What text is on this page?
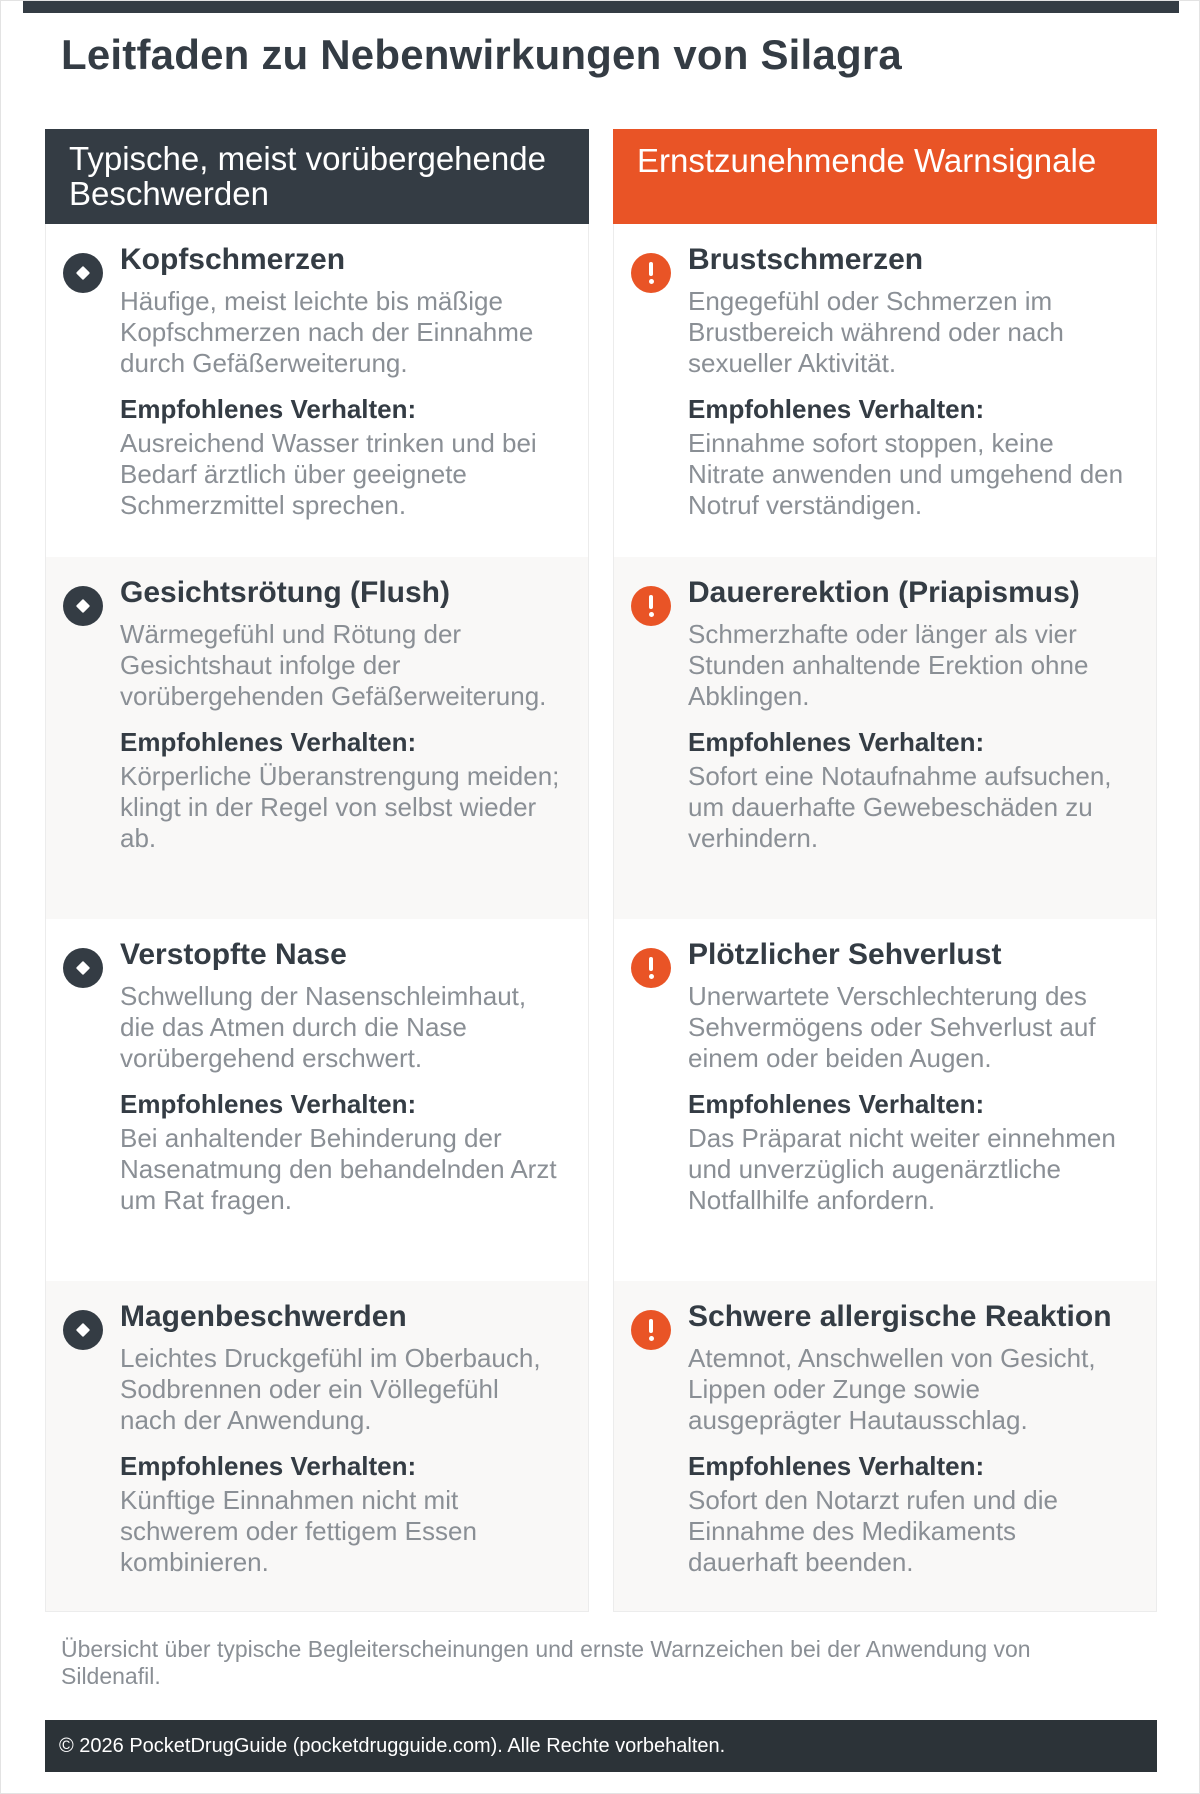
Leitfaden zu Nebenwirkungen von Silagra
Typische, meist vorübergehende Beschwerden
Kopfschmerzen

Häufige, meist leichte bis mäßige Kopfschmerzen nach der Einnahme durch Gefäßerweiterung.

Empfohlenes Verhalten:

Ausreichend Wasser trinken und bei Bedarf ärztlich über geeignete Schmerzmittel sprechen.

Gesichtsrötung (Flush)

Wärmegefühl und Rötung der Gesichtshaut infolge der vorübergehenden Gefäßerweiterung.

Empfohlenes Verhalten:

Körperliche Überanstrengung meiden; klingt in der Regel von selbst wieder ab.

Verstopfte Nase

Schwellung der Nasenschleimhaut, die das Atmen durch die Nase vorübergehend erschwert.

Empfohlenes Verhalten:

Bei anhaltender Behinderung der Nasenatmung den behandelnden Arzt um Rat fragen.

Magenbeschwerden

Leichtes Druckgefühl im Oberbauch, Sodbrennen oder ein Völlegefühl nach der Anwendung.

Empfohlenes Verhalten:

Künftige Einnahmen nicht mit schwerem oder fettigem Essen kombinieren.

Ernstzunehmende Warnsignale
Brustschmerzen

Engegefühl oder Schmerzen im Brustbereich während oder nach sexueller Aktivität.

Empfohlenes Verhalten:

Einnahme sofort stoppen, keine Nitrate anwenden und umgehend den Notruf verständigen.

Dauererektion (Priapismus)

Schmerzhafte oder länger als vier Stunden anhaltende Erektion ohne Abklingen.

Empfohlenes Verhalten:

Sofort eine Notaufnahme aufsuchen, um dauerhafte Gewebeschäden zu verhindern.

Plötzlicher Sehverlust

Unerwartete Verschlechterung des Sehvermögens oder Sehverlust auf einem oder beiden Augen.

Empfohlenes Verhalten:

Das Präparat nicht weiter einnehmen und unverzüglich augenärztliche Notfallhilfe anfordern.

Schwere allergische Reaktion

Atemnot, Anschwellen von Gesicht, Lippen oder Zunge sowie ausgeprägter Hautausschlag.

Empfohlenes Verhalten:

Sofort den Notarzt rufen und die Einnahme des Medikaments dauerhaft beenden.

Übersicht über typische Begleiterscheinungen und ernste Warnzeichen bei der Anwendung von Sildenafil.

© 2026 PocketDrugGuide (pocketdrugguide.com). Alle Rechte vorbehalten.
